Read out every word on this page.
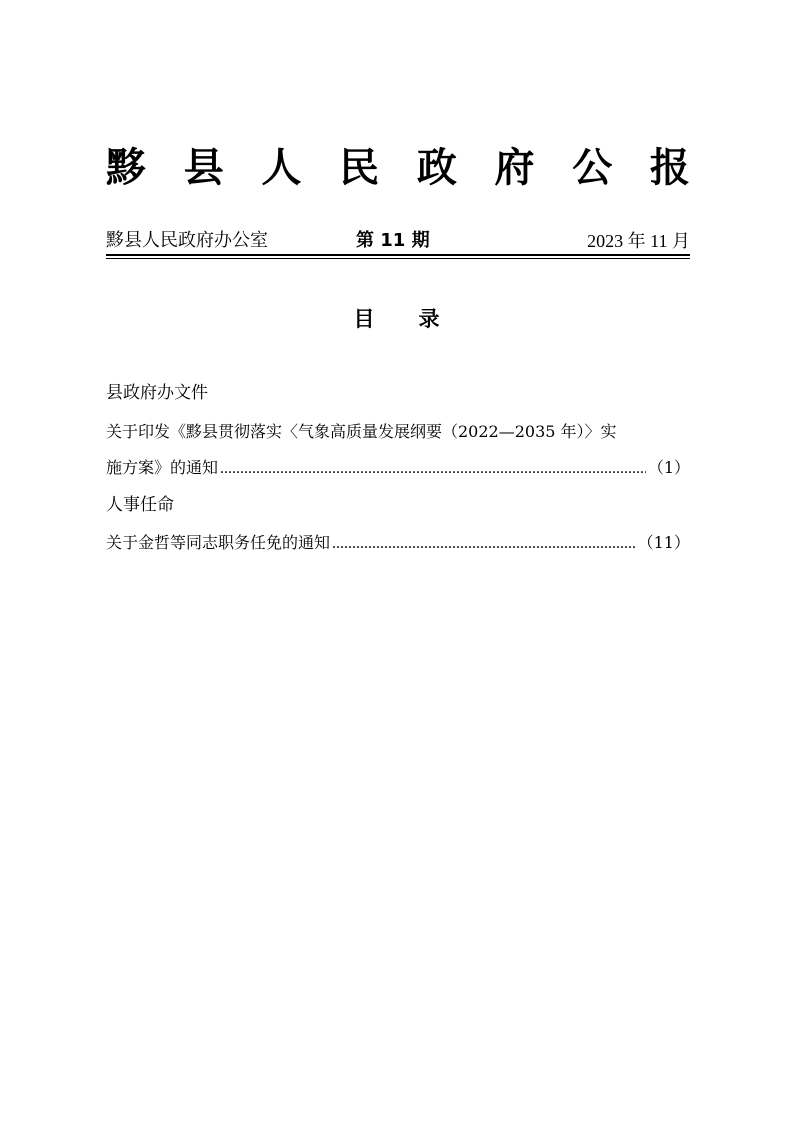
黟 县 人 民 政 府 公 报
黟县人民政府办公室	第 11 期	2023 年 11 月
目录
县政府办文件
关于印发《黟县贯彻落实〈气象高质量发展纲要（2022—2035 年）〉实
施方案》的通知 .....	（1）
人事任命
关于金哲等同志职务任免的通知 .....	（11）
